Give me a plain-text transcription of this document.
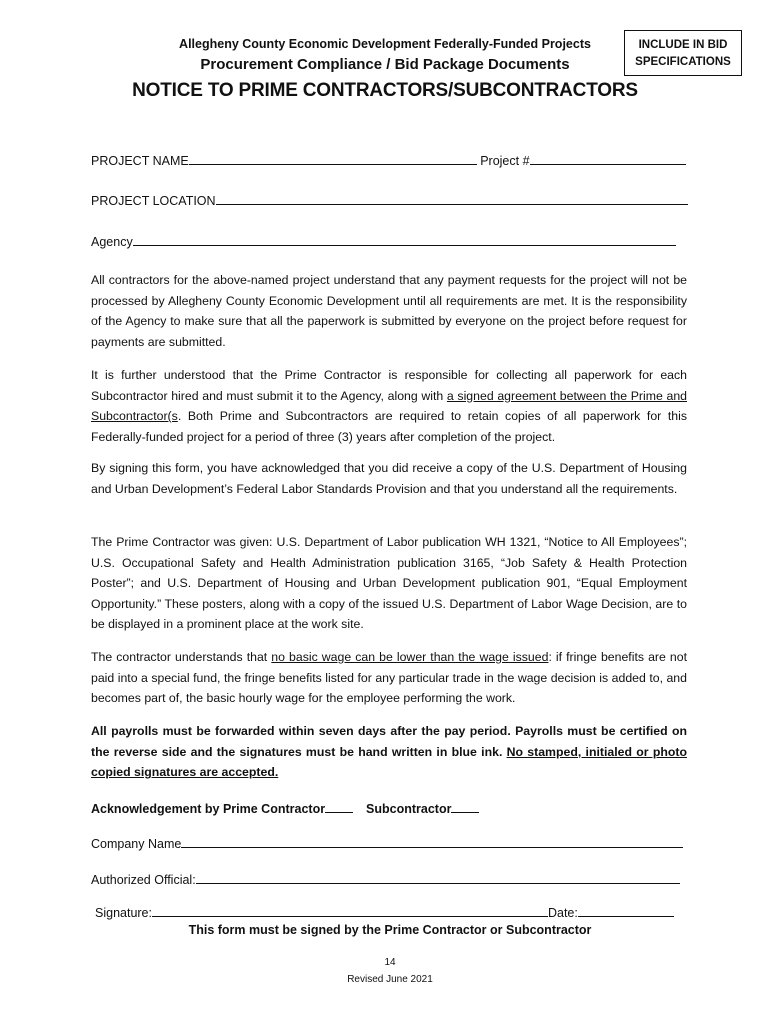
Allegheny County Economic Development Federally-Funded Projects
Procurement Compliance / Bid Package Documents
NOTICE TO PRIME CONTRACTORS/SUBCONTRACTORS
INCLUDE IN BID
SPECIFICATIONS
PROJECT NAME	Project #
PROJECT LOCATION
Agency
All contractors for the above-named project understand that any payment requests for the project will not be processed by Allegheny County Economic Development until all requirements are met. It is the responsibility of the Agency to make sure that all the paperwork is submitted by everyone on the project before request for payments are submitted.
It is further understood that the Prime Contractor is responsible for collecting all paperwork for each Subcontractor hired and must submit it to the Agency, along with a signed agreement between the Prime and Subcontractor(s. Both Prime and Subcontractors are required to retain copies of all paperwork for this Federally-funded project for a period of three (3) years after completion of the project.
By signing this form, you have acknowledged that you did receive a copy of the U.S. Department of Housing and Urban Development’s Federal Labor Standards Provision and that you understand all the requirements.
The Prime Contractor was given: U.S. Department of Labor publication WH 1321, “Notice to All Employees”; U.S. Occupational Safety and Health Administration publication 3165, “Job Safety & Health Protection Poster”; and U.S. Department of Housing and Urban Development publication 901, “Equal Employment Opportunity.” These posters, along with a copy of the issued U.S. Department of Labor Wage Decision, are to be displayed in a prominent place at the work site.
The contractor understands that no basic wage can be lower than the wage issued: if fringe benefits are not paid into a special fund, the fringe benefits listed for any particular trade in the wage decision is added to, and becomes part of, the basic hourly wage for the employee performing the work.
All payrolls must be forwarded within seven days after the pay period. Payrolls must be certified on the reverse side and the signatures must be hand written in blue ink. No stamped, initialed or photo copied signatures are accepted.
Acknowledgement by Prime Contractor	Subcontractor
Company Name
Authorized Official:
Signature:	Date:
This form must be signed by the Prime Contractor or Subcontractor
14
Revised June 2021
